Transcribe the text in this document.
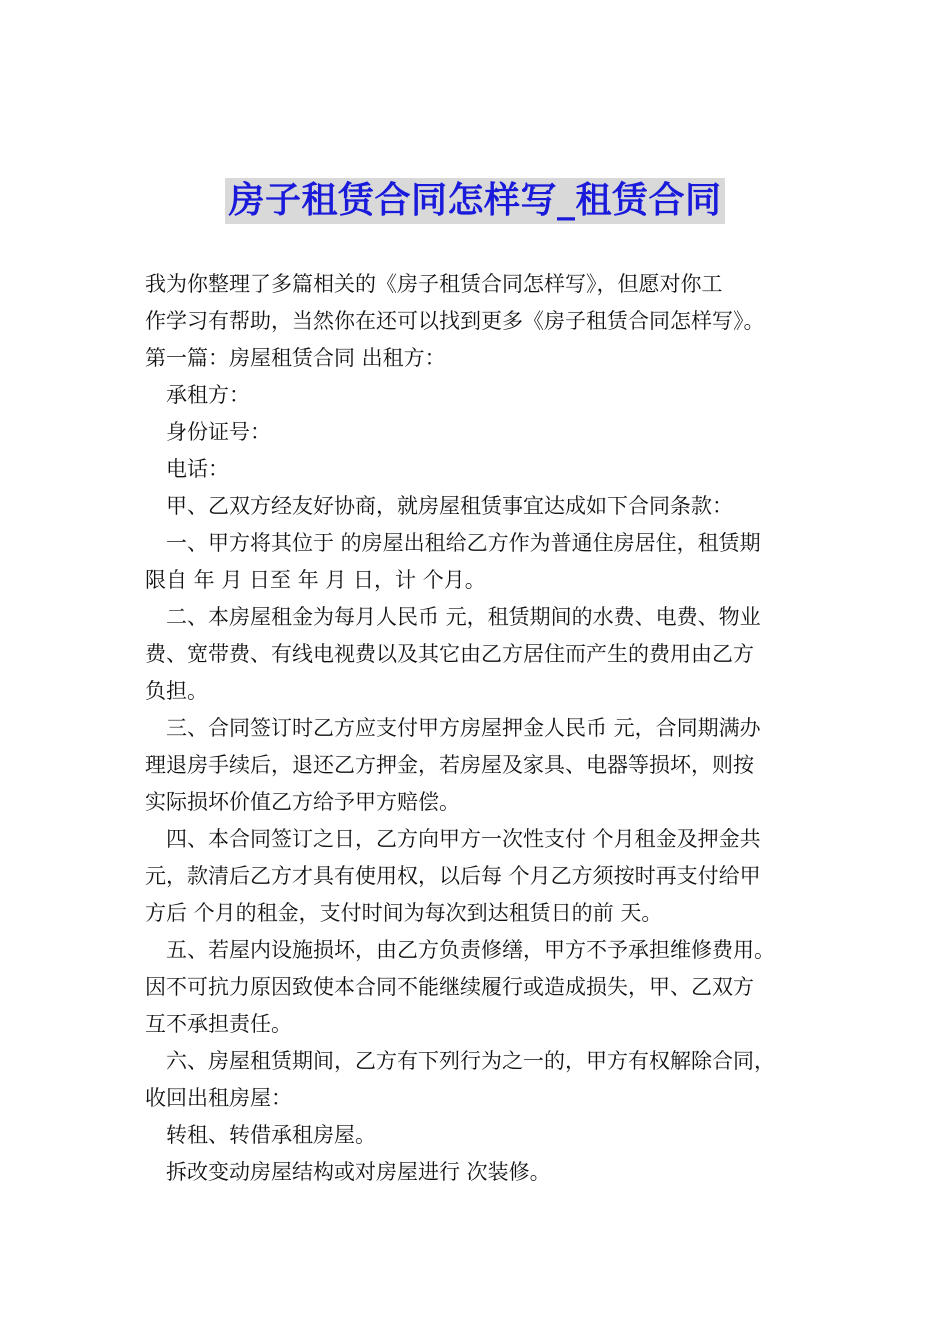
房子租赁合同怎样写_租赁合同

我为你整理了多篇相关的《房子租赁合同怎样写》，但愿对你工

作学习有帮助，当然你在还可以找到更多《房子租赁合同怎样写》。

第一篇：房屋租赁合同 出租方：

承租方：

身份证号：

电话：

甲、乙双方经友好协商，就房屋租赁事宜达成如下合同条款：

一、甲方将其位于 的房屋出租给乙方作为普通住房居住，租赁期

限自 年 月 日至 年 月 日，计 个月。

二、本房屋租金为每月人民币 元，租赁期间的水费、电费、物业

费、宽带费、有线电视费以及其它由乙方居住而产生的费用由乙方

负担。

三、合同签订时乙方应支付甲方房屋押金人民币 元，合同期满办

理退房手续后，退还乙方押金，若房屋及家具、电器等损坏，则按

实际损坏价值乙方给予甲方赔偿。

四、本合同签订之日，乙方向甲方一次性支付 个月租金及押金共

元，款清后乙方才具有使用权，以后每 个月乙方须按时再支付给甲

方后 个月的租金，支付时间为每次到达租赁日的前 天。

五、若屋内设施损坏，由乙方负责修缮，甲方不予承担维修费用。

因不可抗力原因致使本合同不能继续履行或造成损失，甲、乙双方

互不承担责任。

六、房屋租赁期间，乙方有下列行为之一的，甲方有权解除合同，

收回出租房屋：

转租、转借承租房屋。

拆改变动房屋结构或对房屋进行 次装修。
